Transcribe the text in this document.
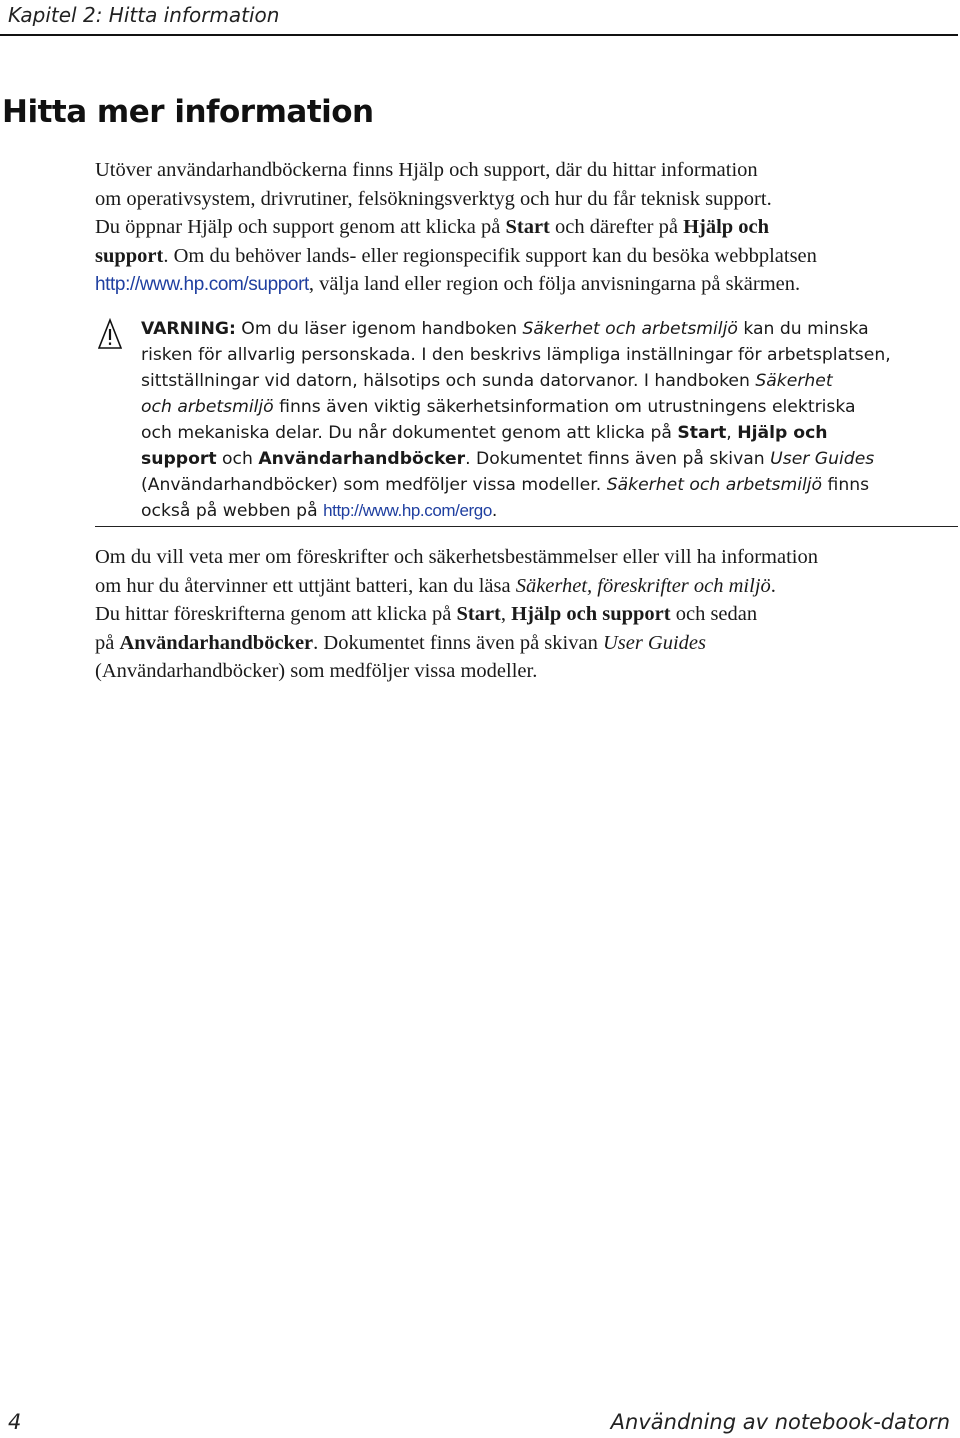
Kapitel 2: Hitta information
Hitta mer information

Utöver användarhandböckerna finns Hjälp och support, där du hittar information
om operativsystem, drivrutiner, felsökningsverktyg och hur du får teknisk support.
Du öppnar Hjälp och support genom att klicka på Start och därefter på Hjälp och
support. Om du behöver lands- eller regionspecifik support kan du besöka webbplatsen
http://www.hp.com/support, välja land eller region och följa anvisningarna på skärmen.

VARNING: Om du läser igenom handboken Säkerhet och arbetsmiljö kan du minska
risken för allvarlig personskada. I den beskrivs lämpliga inställningar för arbetsplatsen,
sittställningar vid datorn, hälsotips och sunda datorvanor. I handboken Säkerhet
och arbetsmiljö finns även viktig säkerhetsinformation om utrustningens elektriska
och mekaniska delar. Du når dokumentet genom att klicka på Start, Hjälp och
support och Användarhandböcker. Dokumentet finns även på skivan User Guides
(Användarhandböcker) som medföljer vissa modeller. Säkerhet och arbetsmiljö finns
också på webben på http://www.hp.com/ergo.

Om du vill veta mer om föreskrifter och säkerhetsbestämmelser eller vill ha information
om hur du återvinner ett uttjänt batteri, kan du läsa Säkerhet, föreskrifter och miljö.
Du hittar föreskrifterna genom att klicka på Start, Hjälp och support och sedan
på Användarhandböcker. Dokumentet finns även på skivan User Guides
(Användarhandböcker) som medföljer vissa modeller.

4	Användning av notebook-datorn
